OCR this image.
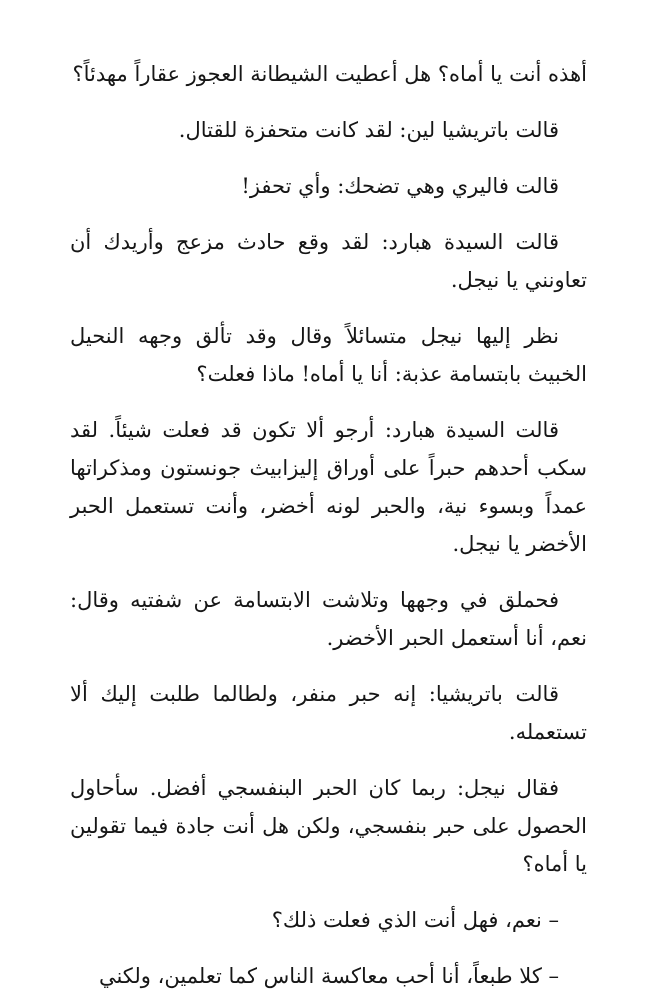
أهذه أنت يا أماه؟ هل أعطيت الشيطانة العجوز عقاراً مهدئاً؟

قالت باتريشيا لين: لقد كانت متحفزة للقتال.

قالت فاليري وهي تضحك: وأي تحفز!

قالت السيدة هبارد: لقد وقع حادث مزعج وأريدك أن تعاونني يا نيجل.

نظر إليها نيجل متسائلاً وقال وقد تألق وجهه النحيل الخبيث بابتسامة عذبة: أنا يا أماه! ماذا فعلت؟

قالت السيدة هبارد: أرجو ألا تكون قد فعلت شيئاً. لقد سكب أحدهم حبراً على أوراق إليزابيث جونستون ومذكراتها عمداً وبسوء نية، والحبر لونه أخضر، وأنت تستعمل الحبر الأخضر يا نيجل.

فحملق في وجهها وتلاشت الابتسامة عن شفتيه وقال: نعم، أنا أستعمل الحبر الأخضر.

قالت باتريشيا: إنه حبر منفر، ولطالما طلبت إليك ألا تستعمله.

فقال نيجل: ربما كان الحبر البنفسجي أفضل. سأحاول الحصول على حبر بنفسجي، ولكن هل أنت جادة فيما تقولين يا أماه؟

– نعم، فهل أنت الذي فعلت ذلك؟

– كلا طبعاً، أنا أحب معاكسة الناس كما تعلمين، ولكني
